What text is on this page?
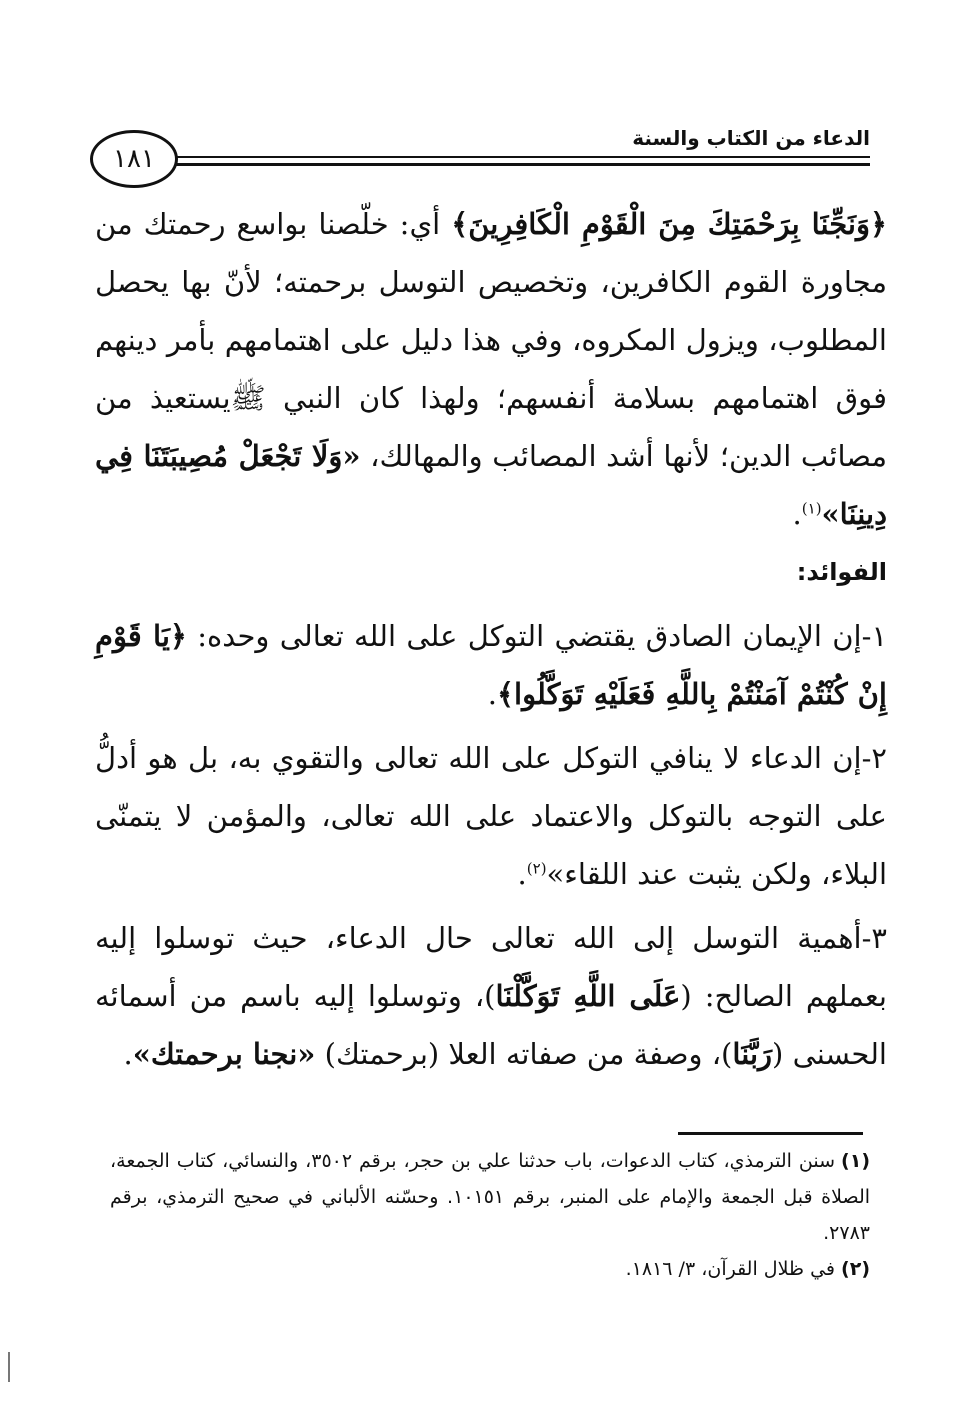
الدعاء من الكتاب والسنة
١٨١

﴿وَنَجِّنَا بِرَحْمَتِكَ مِنَ الْقَوْمِ الْكَافِرِينَ﴾ أي: خلّصنا بواسع رحمتك من مجاورة القوم الكافرين، وتخصيص التوسل برحمته؛ لأنّ بها يحصل المطلوب، ويزول المكروه، وفي هذا دليل على اهتمامهم بأمر دينهم فوق اهتمامهم بسلامة أنفسهم؛ ولهذا كان النبي ﷺيستعيذ من مصائب الدين؛ لأنها أشد المصائب والمهالك، «وَلَا تَجْعَلْ مُصِيبَتَنَا فِي دِينِنَا»$^{(١)}$.

الفوائد:

١-إن الإيمان الصادق يقتضي التوكل على الله تعالى وحده: ﴿يَا قَوْمِ إِنْ كُنْتُمْ آمَنْتُمْ بِاللَّهِ فَعَلَيْهِ تَوَكَّلُوا﴾.

٢-إن الدعاء لا ينافي التوكل على الله تعالى والتقوي به، بل هو أدلُّ على التوجه بالتوكل والاعتماد على الله تعالى، والمؤمن لا يتمنّى البلاء، ولكن يثبت عند اللقاء»$^{(٢)}$.

٣-أهمية التوسل إلى الله تعالى حال الدعاء، حيث توسلوا إليه بعملهم الصالح: (عَلَى اللَّهِ تَوَكَّلْنَا)، وتوسلوا إليه باسم من أسمائه الحسنى (رَبَّنَا)، وصفة من صفاته العلا (برحمتك) «نجنا برحمتك».

(١)سنن الترمذي، كتاب الدعوات، باب حدثنا علي بن حجر، برقم ٣٥٠٢، والنسائي، كتاب الجمعة، الصلاة قبل الجمعة والإمام على المنبر، برقم ١٠١٥١. وحسّنه الألباني في صحيح الترمذي، برقم ٢٧٨٣.

(٢)في ظلال القرآن، ٣/ ١٨١٦.
